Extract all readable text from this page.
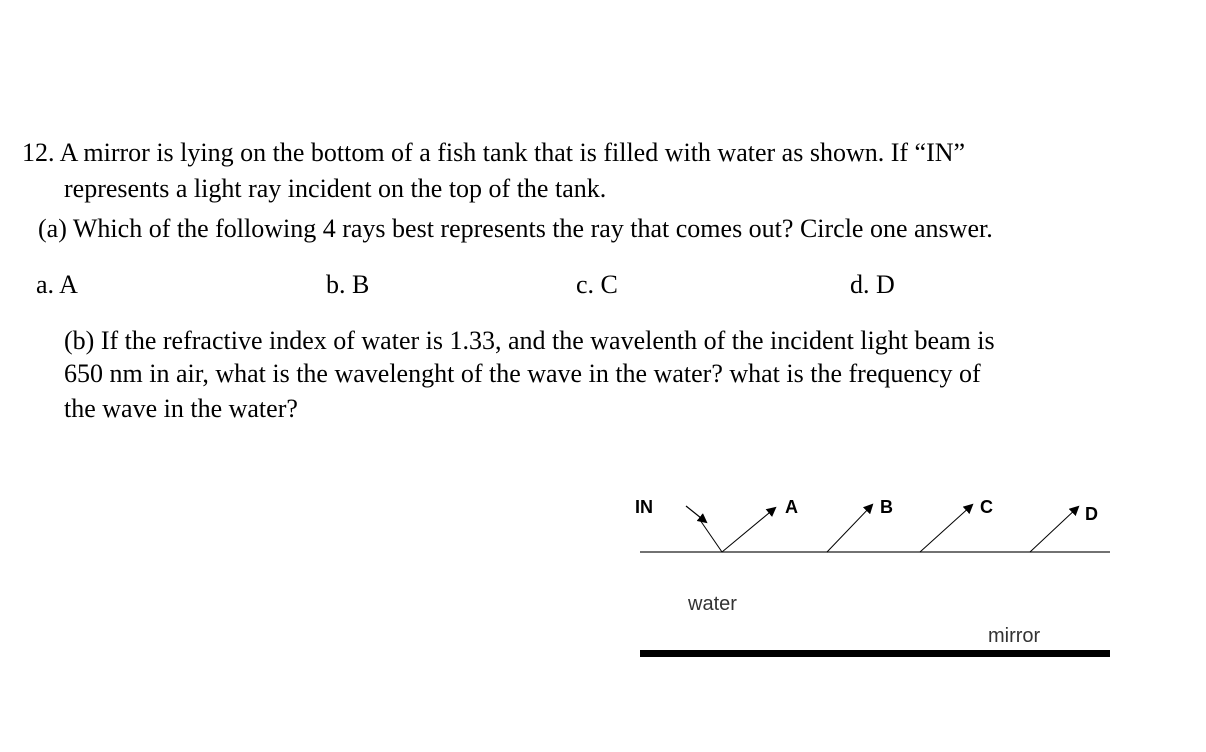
12. A mirror is lying on the bottom of a fish tank that is filled with water as shown. If “IN”
represents a light ray incident on the top of the tank.
(a) Which of the following 4 rays best represents the ray that comes out? Circle one answer.
a. A	b. B	c. C	d. D
(b) If the refractive index of water is 1.33, and the wavelenth of the incident light beam is
650 nm in air, what is the wavelenght of the wave in the water? what is the frequency of
the wave in the water?
IN	A	B	C	D
water
mirror
